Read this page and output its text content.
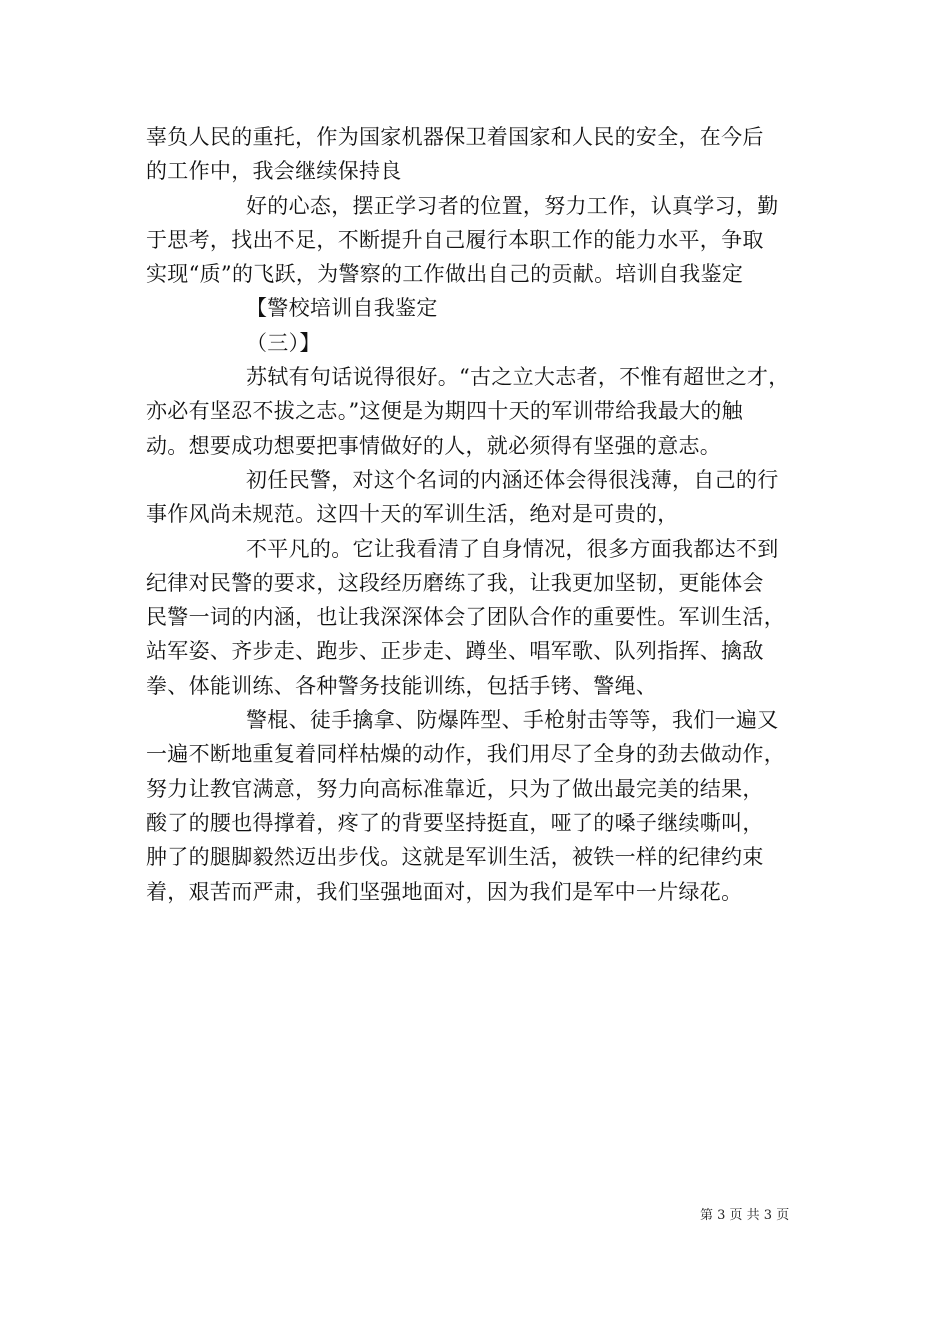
辜负人民的重托，作为国家机器保卫着国家和人民的安全，在今后
的工作中，我会继续保持良
好的心态，摆正学习者的位置，努力工作，认真学习，勤
于思考，找出不足，不断提升自己履行本职工作的能力水平，争取
实现“质”的飞跃，为警察的工作做出自己的贡献。培训自我鉴定
【警校培训自我鉴定
（三）】
苏轼有句话说得很好。“古之立大志者，不惟有超世之才，
亦必有坚忍不拔之志。”这便是为期四十天的军训带给我最大的触
动。想要成功想要把事情做好的人，就必须得有坚强的意志。
初任民警，对这个名词的内涵还体会得很浅薄，自己的行
事作风尚未规范。这四十天的军训生活，绝对是可贵的，
不平凡的。它让我看清了自身情况，很多方面我都达不到
纪律对民警的要求，这段经历磨练了我，让我更加坚韧，更能体会
民警一词的内涵，也让我深深体会了团队合作的重要性。军训生活，
站军姿、齐步走、跑步、正步走、蹲坐、唱军歌、队列指挥、擒敌
拳、体能训练、各种警务技能训练，包括手铐、警绳、
警棍、徒手擒拿、防爆阵型、手枪射击等等，我们一遍又
一遍不断地重复着同样枯燥的动作，我们用尽了全身的劲去做动作，
努力让教官满意，努力向高标准靠近，只为了做出最完美的结果，
酸了的腰也得撑着，疼了的背要坚持挺直，哑了的嗓子继续嘶叫，
肿了的腿脚毅然迈出步伐。这就是军训生活，被铁一样的纪律约束
着，艰苦而严肃，我们坚强地面对，因为我们是军中一片绿花。
第 3 页 共 3 页
